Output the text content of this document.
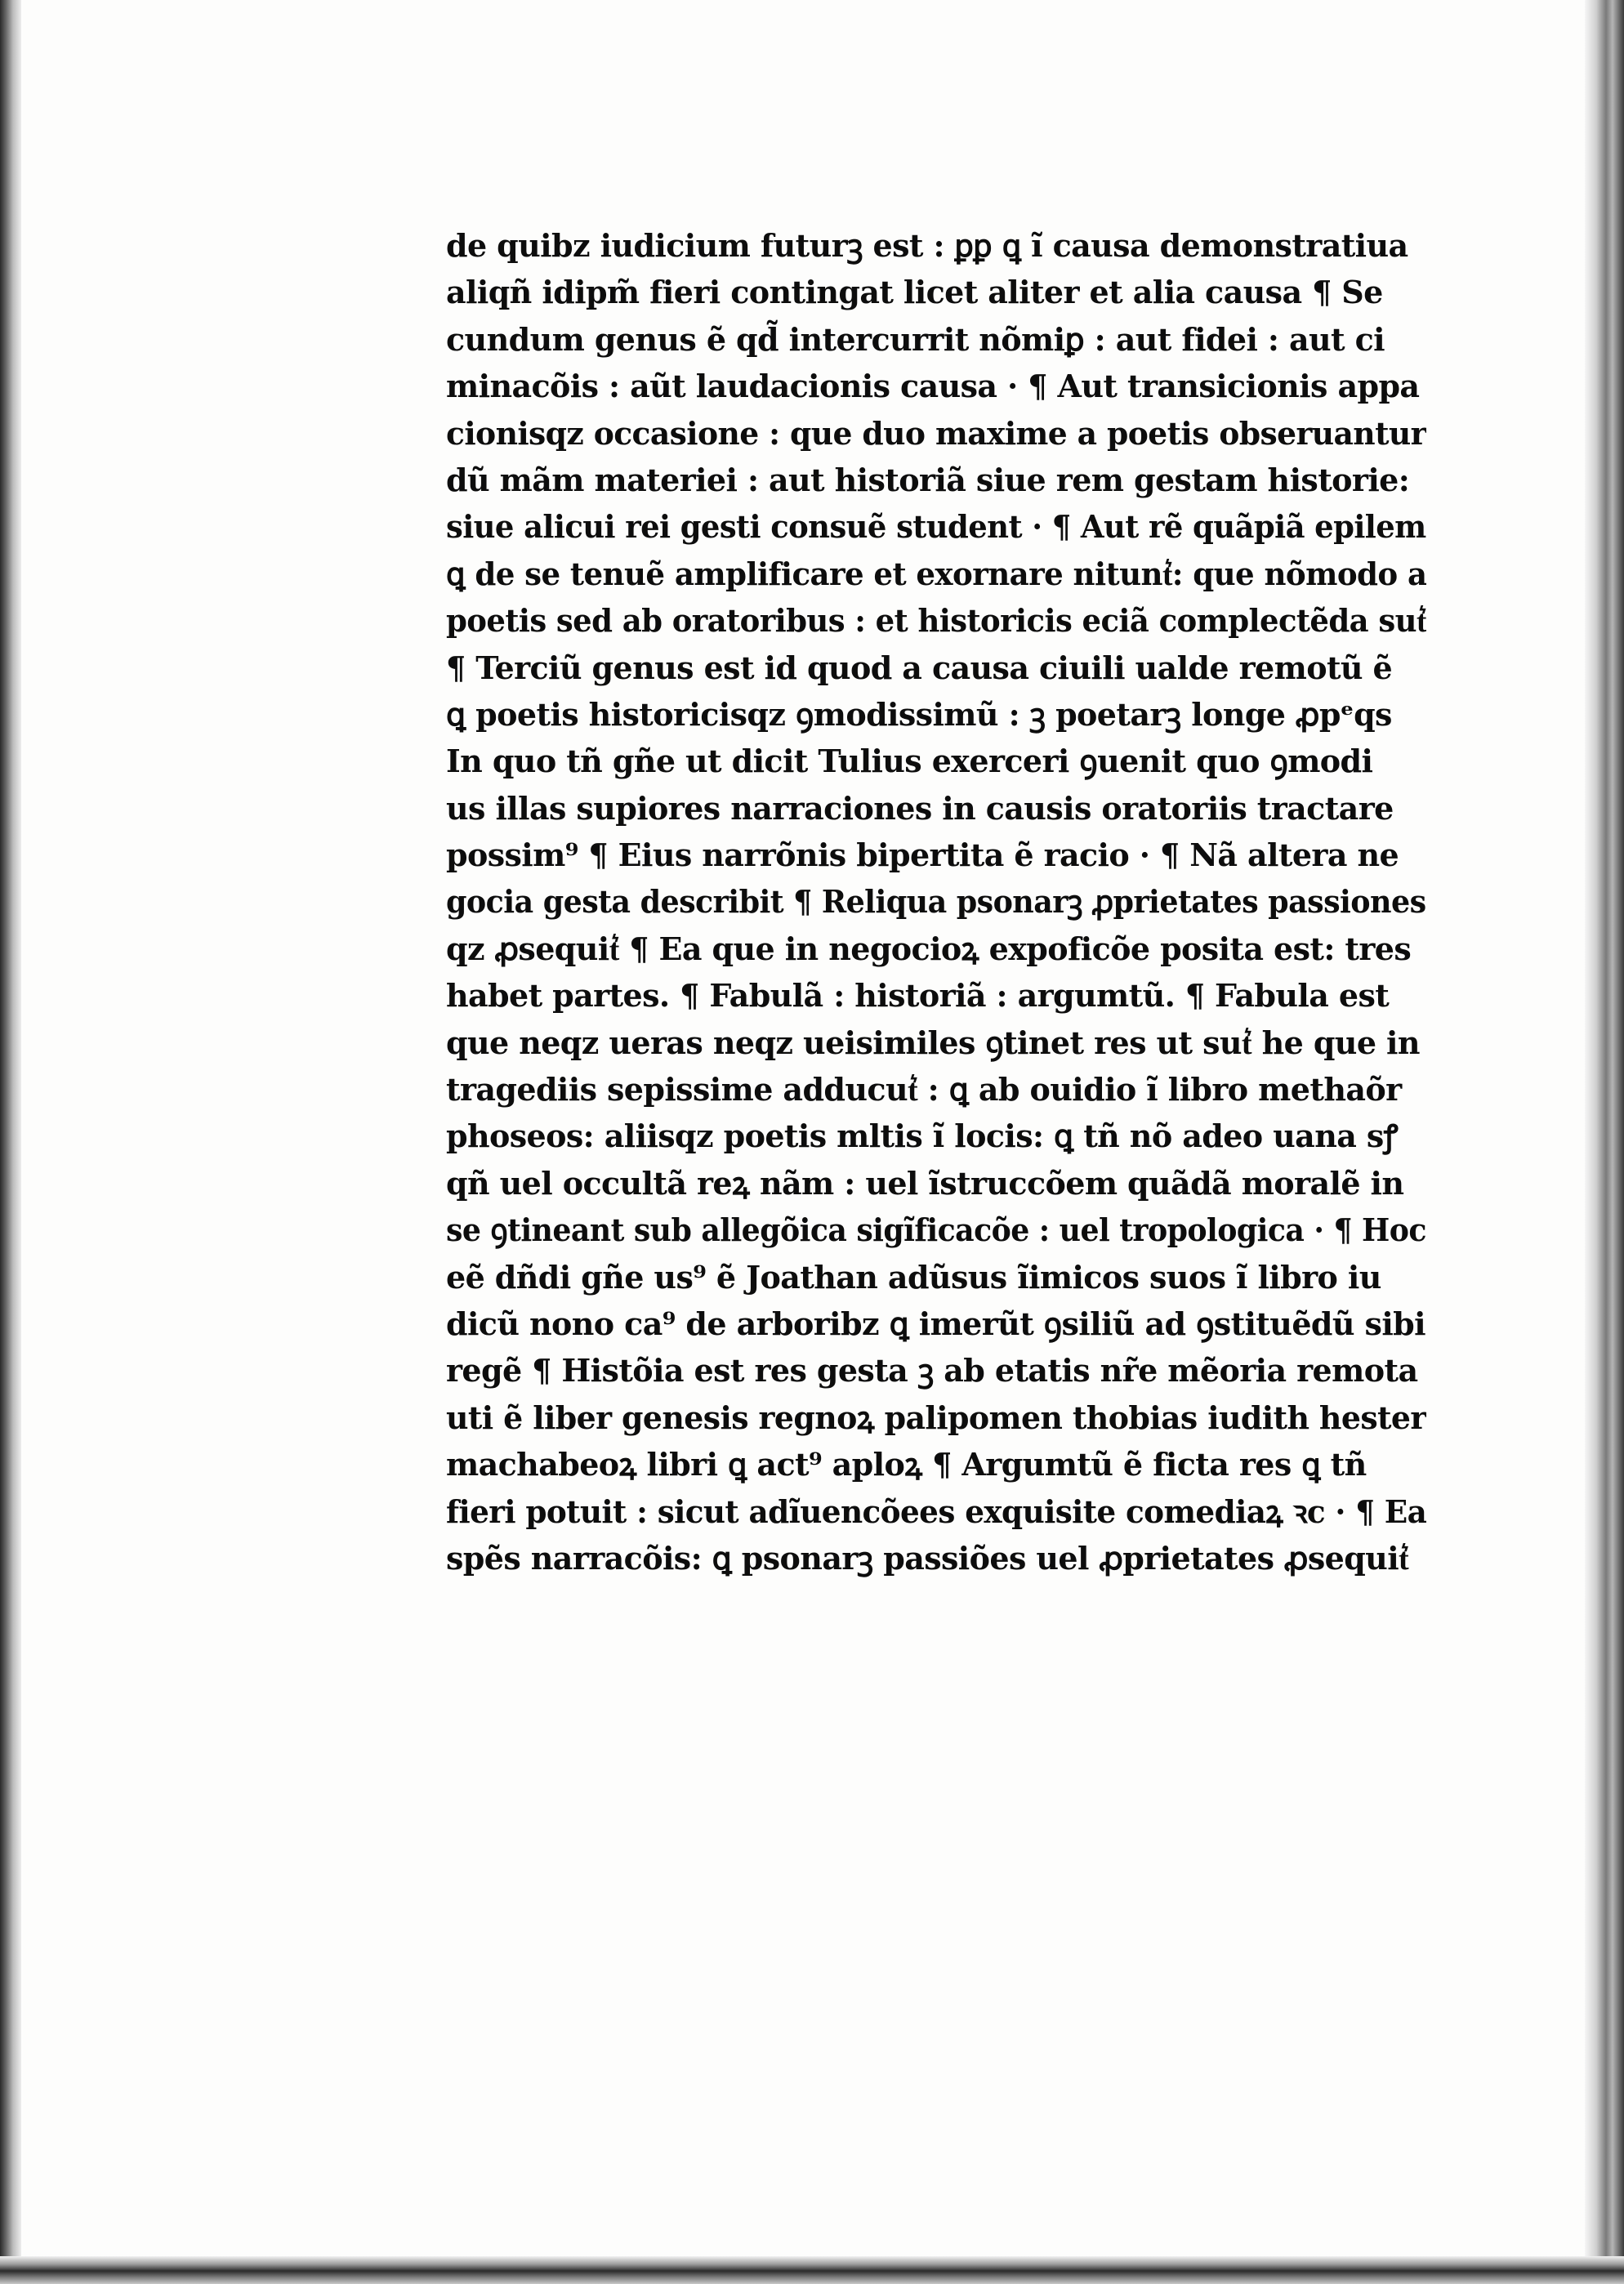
de quibz iudicium futurꝫ est : ꝑꝑ ꝗ ĩ causa demonstratiua
aliqñ idipm̃ fieri contingat licet aliter et alia causa ¶ Se
cundum genus ẽ qd̃ intercurrit nõmiꝑ : aut fidei : aut ci
minacõis : aũt laudacionis causa · ¶ Aut transicionis appa
cionisqz occasione : que duo maxime a poetis obseruantur
dũ mãm materiei : aut historiã siue rem gestam historie:
siue alicui rei gesti consuẽ student · ¶ Aut rẽ quãpiã epilem
ꝗ de se tenuẽ amplificare et exornare nitunt͛: que nõmodo a
poetis sed ab oratoribus : et historicis eciã complectẽda sut͛
¶ Terciũ genus est id quod a causa ciuili ualde remotũ ẽ
ꝗ poetis historicisqz ꝯmodissimũ : ꝫ poetarꝫ longe ꝓpᵉqs
In quo tñ gñe ut dicit Tulius exerceri ꝯuenit quo ꝯmodi
us illas supiores narraciones in causis oratoriis tractare
possim⁹ ¶ Eius narrõnis bipertita ẽ racio · ¶ Nã altera ne
gocia gesta describit ¶ Reliqua psonarꝫ ꝓprietates passiones
qz ꝓsequit͛ ¶ Ea que in negocioꝝ expoficõe posita est: tres
habet partes. ¶ Fabulã : historiã : argumtũ. ¶ Fabula est
que neqz ueras neqz ueisimiles ꝯtinet res ut sut͛ he que in
tragediis sepissime adducut͛ : ꝗ ab ouidio ĩ libro methaõr
phoseos: aliisqz poetis mltis ĩ locis: ꝗ tñ nõ adeo uana sꝭ
qñ uel occultã reꝝ nãm : uel ĩstruccõem quãdã moralẽ in
se ꝯtineant sub allegõica sigĩficacõe : uel tropologica · ¶ Hoc
eẽ dñdi gñe us⁹ ẽ Joathan adũsus ĩimicos suos ĩ libro iu
dicũ nono ca⁹ de arboribz ꝗ imerũt ꝯsiliũ ad ꝯstituẽdũ sibi
regẽ ¶ Histõia est res gesta ꝫ ab etatis nr̃e mẽoria remota
uti ẽ liber genesis regnoꝝ palipomen thobias iudith hester
machabeoꝝ libri ꝗ act⁹ aploꝝ ¶ Argumtũ ẽ ficta res ꝗ tñ
fieri potuit : sicut adĩuencõees exquisite comediaꝝ ꝛc · ¶ Ea
spẽs narracõis: ꝗ psonarꝫ passiões uel ꝓprietates ꝓsequit͛
